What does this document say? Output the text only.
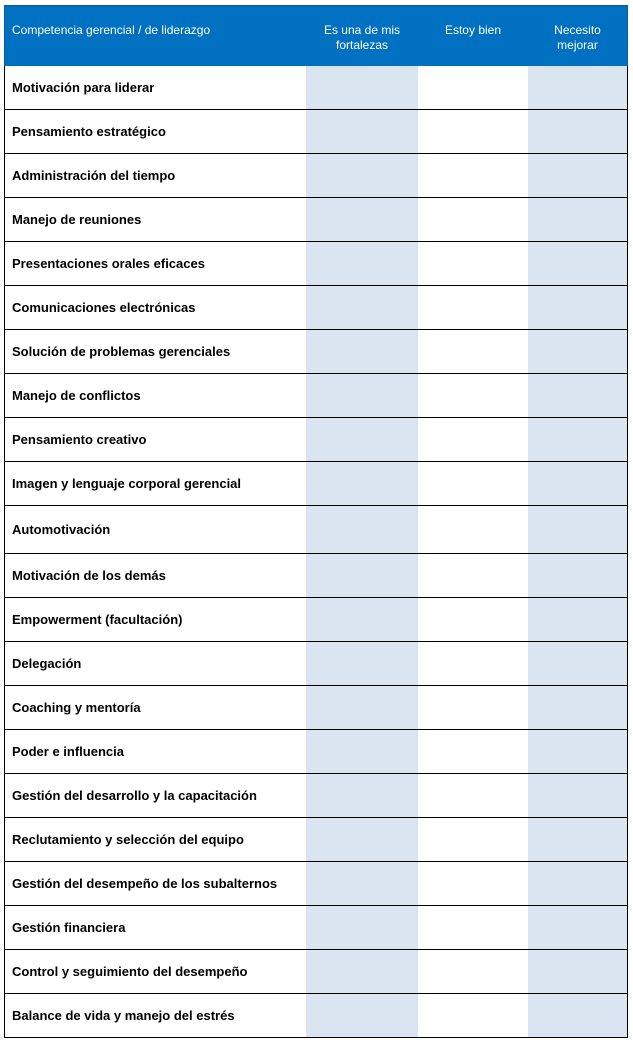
Competencia gerencial / de liderazgo	Es una de mis
fortalezas
Estoy bien	Necesito
mejorar
Motivación para liderar
Pensamiento estratégico
Administración del tiempo
Manejo de reuniones
Presentaciones orales eficaces
Comunicaciones electrónicas
Solución de problemas gerenciales
Manejo de conflictos
Pensamiento creativo
Imagen y lenguaje corporal gerencial
Automotivación
Motivación de los demás
Empowerment (facultación)
Delegación
Coaching y mentoría
Poder e influencia
Gestión del desarrollo y la capacitación
Reclutamiento y selección del equipo
Gestión del desempeño de los subalternos
Gestión financiera
Control y seguimiento del desempeño
Balance de vida y manejo del estrés
